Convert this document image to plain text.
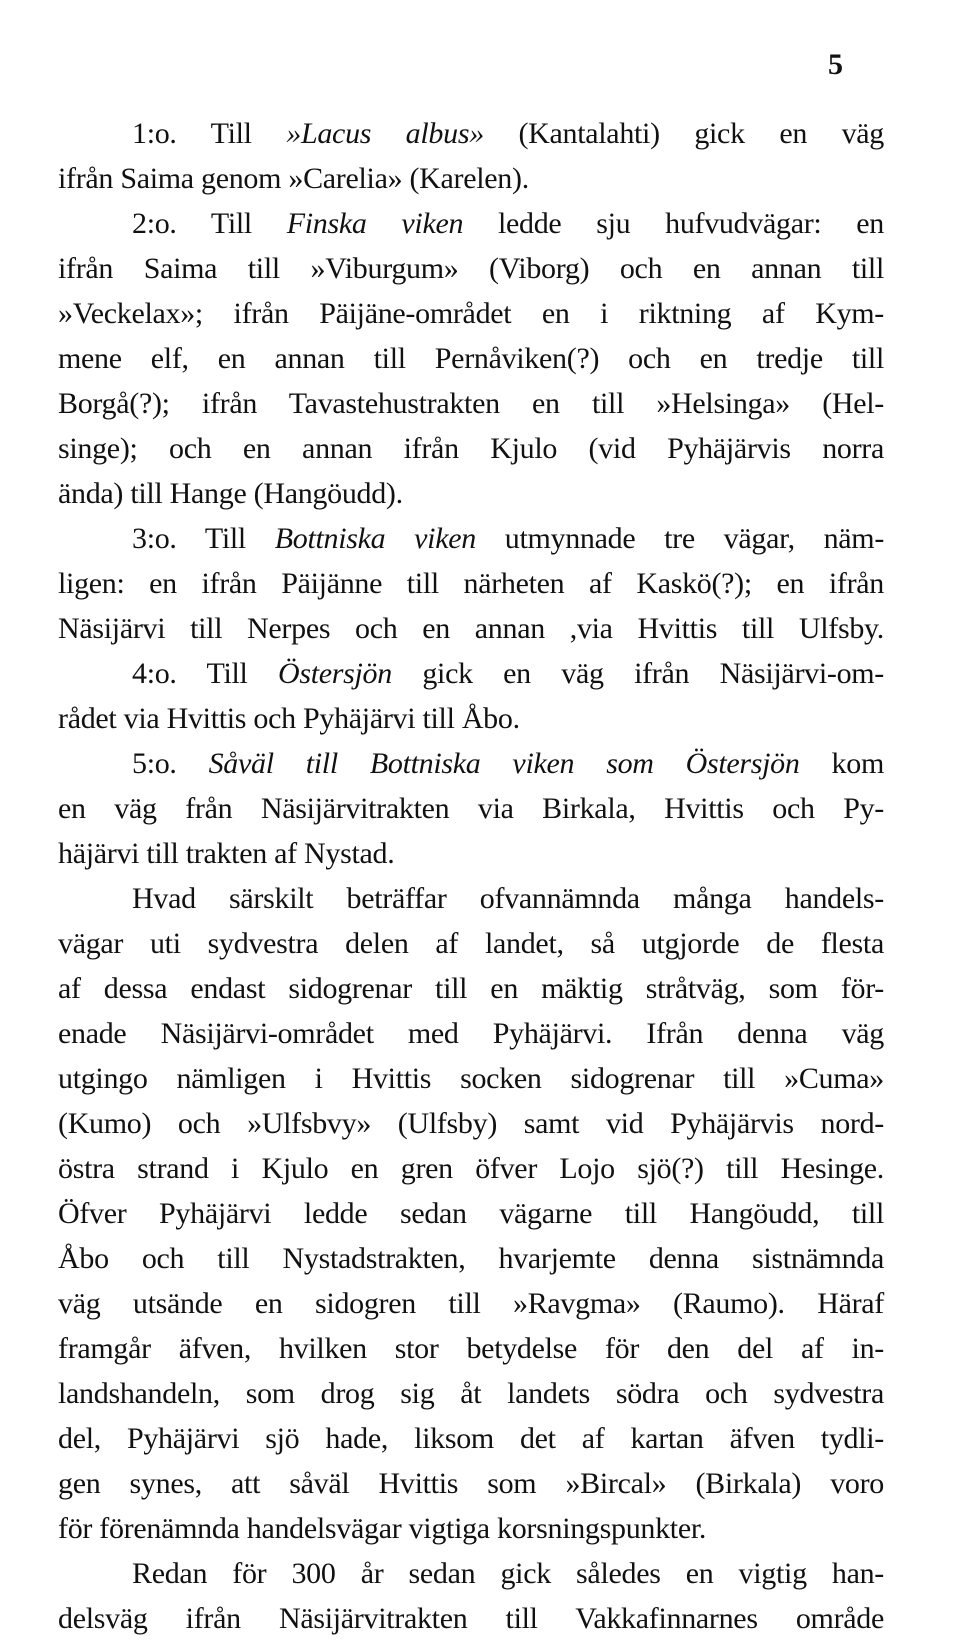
5
1:o. Till »Lacus albus» (Kantalahti) gick en väg
ifrån Saima genom »Carelia» (Karelen).
2:o. Till Finska viken ledde sju hufvudvägar: en
ifrån Saima till »Viburgum» (Viborg) och en annan till
»Veckelax»; ifrån Päijäne-området en i riktning af Kym-
mene elf, en annan till Pernåviken(?) och en tredje till
Borgå(?); ifrån Tavastehustrakten en till »Helsinga» (Hel-
singe); och en annan ifrån Kjulo (vid Pyhäjärvis norra
ända) till Hange (Hangöudd).
3:o. Till Bottniska viken utmynnade tre vägar, näm-
ligen: en ifrån Päijänne till närheten af Kaskö(?); en ifrån
Näsijärvi till Nerpes och en annan ,via Hvittis till Ulfsby.
4:o. Till Östersjön gick en väg ifrån Näsijärvi-om-
rådet via Hvittis och Pyhäjärvi till Åbo.
5:o. Såväl till Bottniska viken som Östersjön kom
en väg från Näsijärvitrakten via Birkala, Hvittis och Py-
häjärvi till trakten af Nystad.
Hvad särskilt beträffar ofvannämnda många handels-
vägar uti sydvestra delen af landet, så utgjorde de flesta
af dessa endast sidogrenar till en mäktig stråtväg, som för-
enade Näsijärvi-området med Pyhäjärvi. Ifrån denna väg
utgingo nämligen i Hvittis socken sidogrenar till »Cuma»
(Kumo) och »Ulfsbvy» (Ulfsby) samt vid Pyhäjärvis nord-
östra strand i Kjulo en gren öfver Lojo sjö(?) till Hesinge.
Öfver Pyhäjärvi ledde sedan vägarne till Hangöudd, till
Åbo och till Nystadstrakten, hvarjemte denna sistnämnda
väg utsände en sidogren till »Ravgma» (Raumo). Häraf
framgår äfven, hvilken stor betydelse för den del af in-
landshandeln, som drog sig åt landets södra och sydvestra
del, Pyhäjärvi sjö hade, liksom det af kartan äfven tydli-
gen synes, att såväl Hvittis som »Bircal» (Birkala) voro
för förenämnda handelsvägar vigtiga korsningspunkter.
Redan för 300 år sedan gick således en vigtig han-
delsväg ifrån Näsijärvitrakten till Vakkafinnarnes område
